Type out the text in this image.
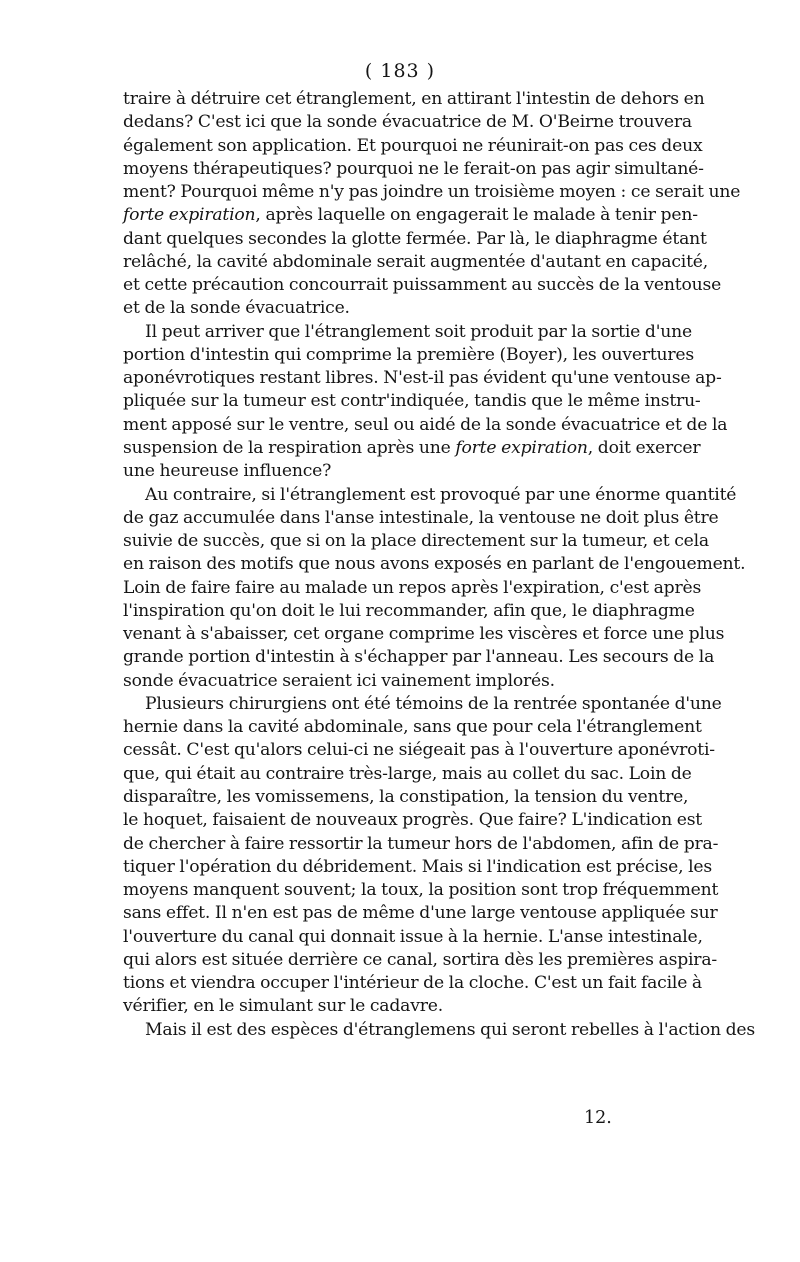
( 183 )
traire à détruire cet étranglement, en attirant l'intestin de dehors en
dedans? C'est ici que la sonde évacuatrice de M. O'Beirne trouvera
également son application. Et pourquoi ne réunirait-on pas ces deux
moyens thérapeutiques? pourquoi ne le ferait-on pas agir simultané-
ment? Pourquoi même n'y pas joindre un troisième moyen : ce serait une
forte expiration, après laquelle on engagerait le malade à tenir pen-
dant quelques secondes la glotte fermée. Par là, le diaphragme étant
relâché, la cavité abdominale serait augmentée d'autant en capacité,
et cette précaution concourrait puissamment au succès de la ventouse
et de la sonde évacuatrice.
Il peut arriver que l'étranglement soit produit par la sortie d'une
portion d'intestin qui comprime la première (Boyer), les ouvertures
aponévrotiques restant libres. N'est-il pas évident qu'une ventouse ap-
pliquée sur la tumeur est contr'indiquée, tandis que le même instru-
ment apposé sur le ventre, seul ou aidé de la sonde évacuatrice et de la
suspension de la respiration après une forte expiration, doit exercer
une heureuse influence?
Au contraire, si l'étranglement est provoqué par une énorme quantité
de gaz accumulée dans l'anse intestinale, la ventouse ne doit plus être
suivie de succès, que si on la place directement sur la tumeur, et cela
en raison des motifs que nous avons exposés en parlant de l'engouement.
Loin de faire faire au malade un repos après l'expiration, c'est après
l'inspiration qu'on doit le lui recommander, afin que, le diaphragme
venant à s'abaisser, cet organe comprime les viscères et force une plus
grande portion d'intestin à s'échapper par l'anneau. Les secours de la
sonde évacuatrice seraient ici vainement implorés.
Plusieurs chirurgiens ont été témoins de la rentrée spontanée d'une
hernie dans la cavité abdominale, sans que pour cela l'étranglement
cessât. C'est qu'alors celui-ci ne siégeait pas à l'ouverture aponévroti-
que, qui était au contraire très-large, mais au collet du sac. Loin de
disparaître, les vomissemens, la constipation, la tension du ventre,
le hoquet, faisaient de nouveaux progrès. Que faire? L'indication est
de chercher à faire ressortir la tumeur hors de l'abdomen, afin de pra-
tiquer l'opération du débridement. Mais si l'indication est précise, les
moyens manquent souvent; la toux, la position sont trop fréquemment
sans effet. Il n'en est pas de même d'une large ventouse appliquée sur
l'ouverture du canal qui donnait issue à la hernie. L'anse intestinale,
qui alors est située derrière ce canal, sortira dès les premières aspira-
tions et viendra occuper l'intérieur de la cloche. C'est un fait facile à
vérifier, en le simulant sur le cadavre.
Mais il est des espèces d'étranglemens qui seront rebelles à l'action des
12.
